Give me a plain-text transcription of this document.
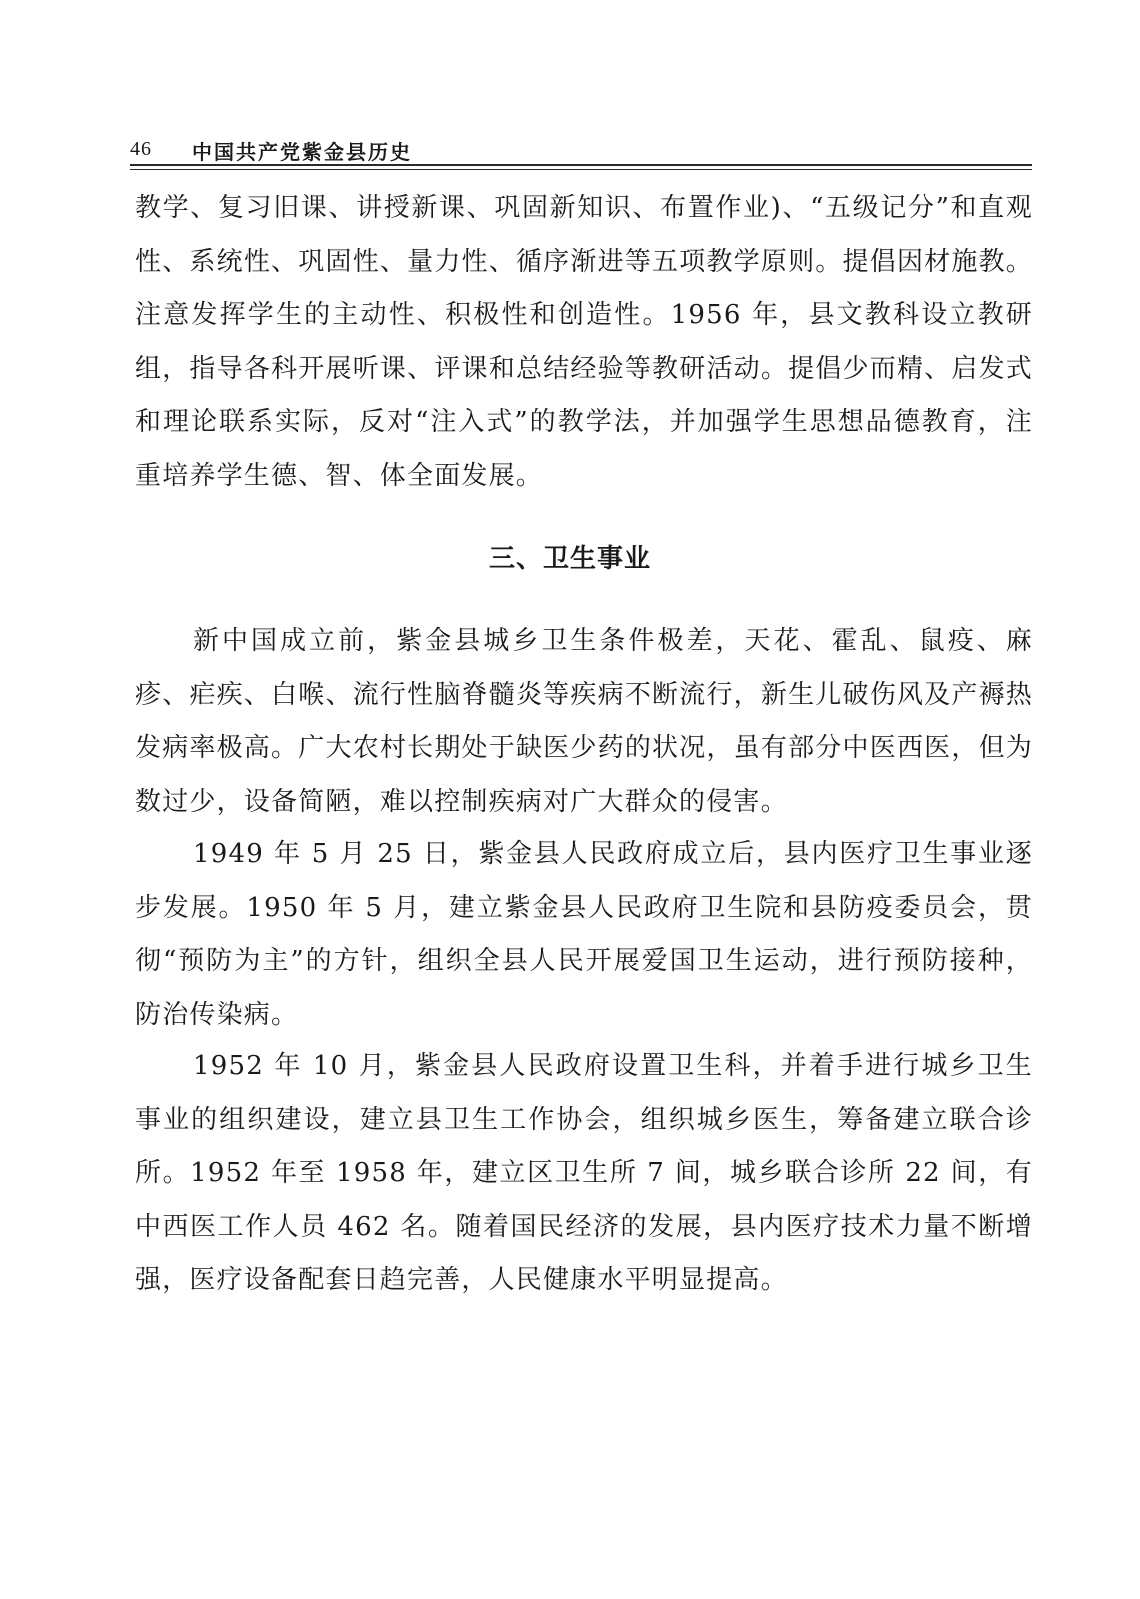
46 中国共产党紫金县历史

教学、复习旧课、讲授新课、巩固新知识、布置作业)、“五级记分”和直观性、系统性、巩固性、量力性、循序渐进等五项教学原则。提倡因材施教。注意发挥学生的主动性、积极性和创造性。1956 年，县文教科设立教研组，指导各科开展听课、评课和总结经验等教研活动。提倡少而精、启发式和理论联系实际，反对“注入式”的教学法，并加强学生思想品德教育，注重培养学生德、智、体全面发展。

三、卫生事业

新中国成立前，紫金县城乡卫生条件极差，天花、霍乱、鼠疫、麻疹、疟疾、白喉、流行性脑脊髓炎等疾病不断流行，新生儿破伤风及产褥热发病率极高。广大农村长期处于缺医少药的状况，虽有部分中医西医，但为数过少，设备简陋，难以控制疾病对广大群众的侵害。

1949 年 5 月 25 日，紫金县人民政府成立后，县内医疗卫生事业逐步发展。1950 年 5 月，建立紫金县人民政府卫生院和县防疫委员会，贯彻“预防为主”的方针，组织全县人民开展爱国卫生运动，进行预防接种，防治传染病。

1952 年 10 月，紫金县人民政府设置卫生科，并着手进行城乡卫生事业的组织建设，建立县卫生工作协会，组织城乡医生，筹备建立联合诊所。1952 年至 1958 年，建立区卫生所 7 间，城乡联合诊所 22 间，有中西医工作人员 462 名。随着国民经济的发展，县内医疗技术力量不断增强，医疗设备配套日趋完善，人民健康水平明显提高。
